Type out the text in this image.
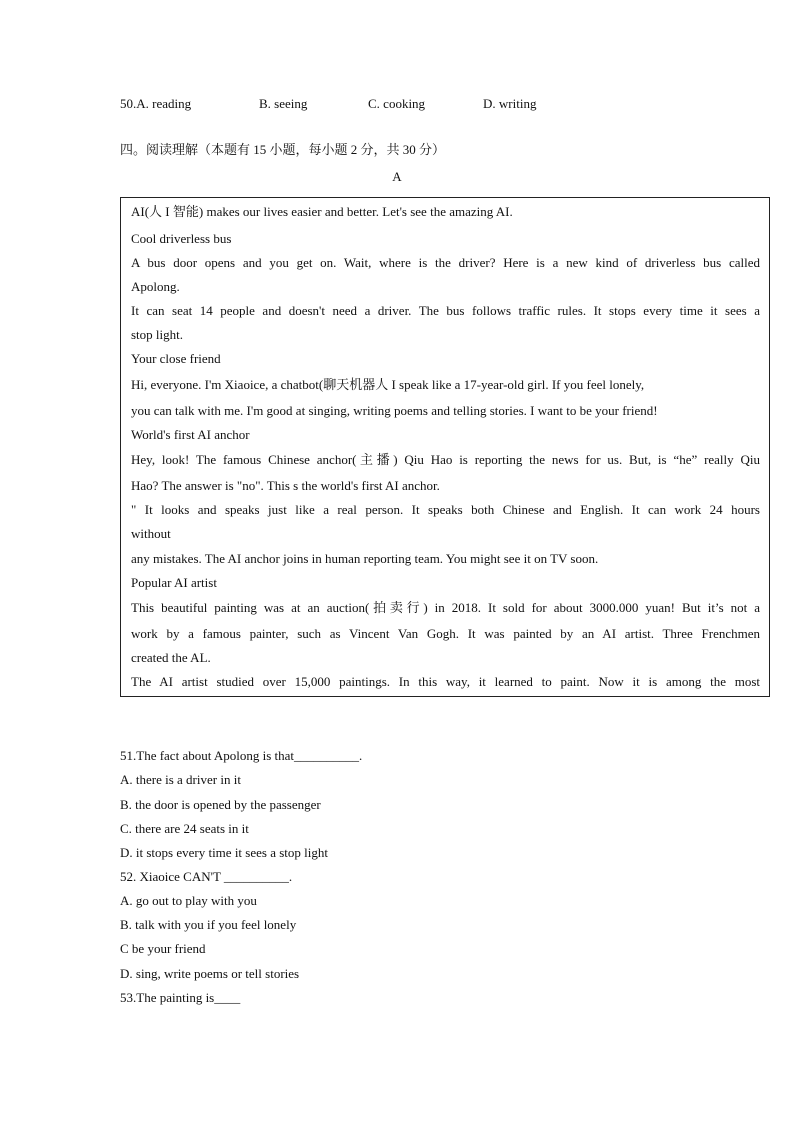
50.A. reading	B. seeing	C. cooking	D. writing
四。阅读理解（本题有 15 小题，每小题 2 分，共 30 分）
A
AI(人 I 智能) makes our lives easier and better. Let's see the amazing AI.
Cool driverless bus
A bus door opens and you get on. Wait, where is the driver? Here is a new kind of driverless bus called
Apolong.
It can seat 14 people and doesn't need a driver. The bus follows traffic rules. It stops every time it sees a
stop light.
Your close friend
Hi, everyone. I'm Xiaoice, a chatbot(聊天机器人 I speak like a 17-year-old girl. If you feel lonely,
you can talk with me. I'm good at singing, writing poems and telling stories. I want to be your friend!
World's first AI anchor
Hey, look! The famous Chinese anchor(主播) Qiu Hao is reporting the news for us. But, is “he” really Qiu
Hao? The answer is "no". This s the world's first AI anchor.
" It looks and speaks just like a real person. It speaks both Chinese and English. It can work 24 hours
without
any mistakes. The AI anchor joins in human reporting team. You might see it on TV soon.
Popular AI artist
This beautiful painting was at an auction(拍卖行) in 2018. It sold for about 3000.000 yuan! But it’s not a
work by a famous painter, such as Vincent Van Gogh. It was painted by an AI artist. Three Frenchmen
created the AL.
The AI artist studied over 15,000 paintings. In this way, it learned to paint. Now it is among the most
51.The fact about Apolong is that__________.
A. there is a driver in it
B. the door is opened by the passenger
C. there are 24 seats in it
D. it stops every time it sees a stop light
52. Xiaoice CAN'T __________.
A. go out to play with you
B. talk with you if you feel lonely
C be your friend
D. sing, write poems or tell stories
53.The painting is____
